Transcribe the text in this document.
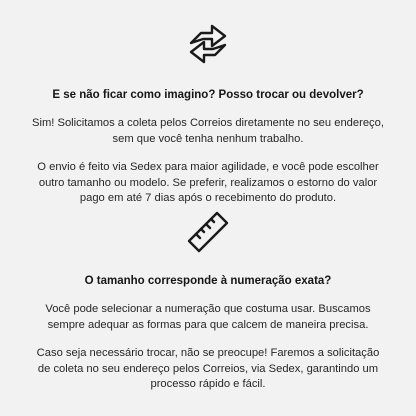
E se não ficar como imagino? Posso trocar ou devolver?

Sim! Solicitamos a coleta pelos Correios diretamente no seu endereço,
sem que você tenha nenhum trabalho.

O envio é feito via Sedex para maior agilidade, e você pode escolher
outro tamanho ou modelo. Se preferir, realizamos o estorno do valor
pago em até 7 dias após o recebimento do produto.

O tamanho corresponde à numeração exata?

Você pode selecionar a numeração que costuma usar. Buscamos
sempre adequar as formas para que calcem de maneira precisa.

Caso seja necessário trocar, não se preocupe! Faremos a solicitação
de coleta no seu endereço pelos Correios, via Sedex, garantindo um
processo rápido e fácil.
